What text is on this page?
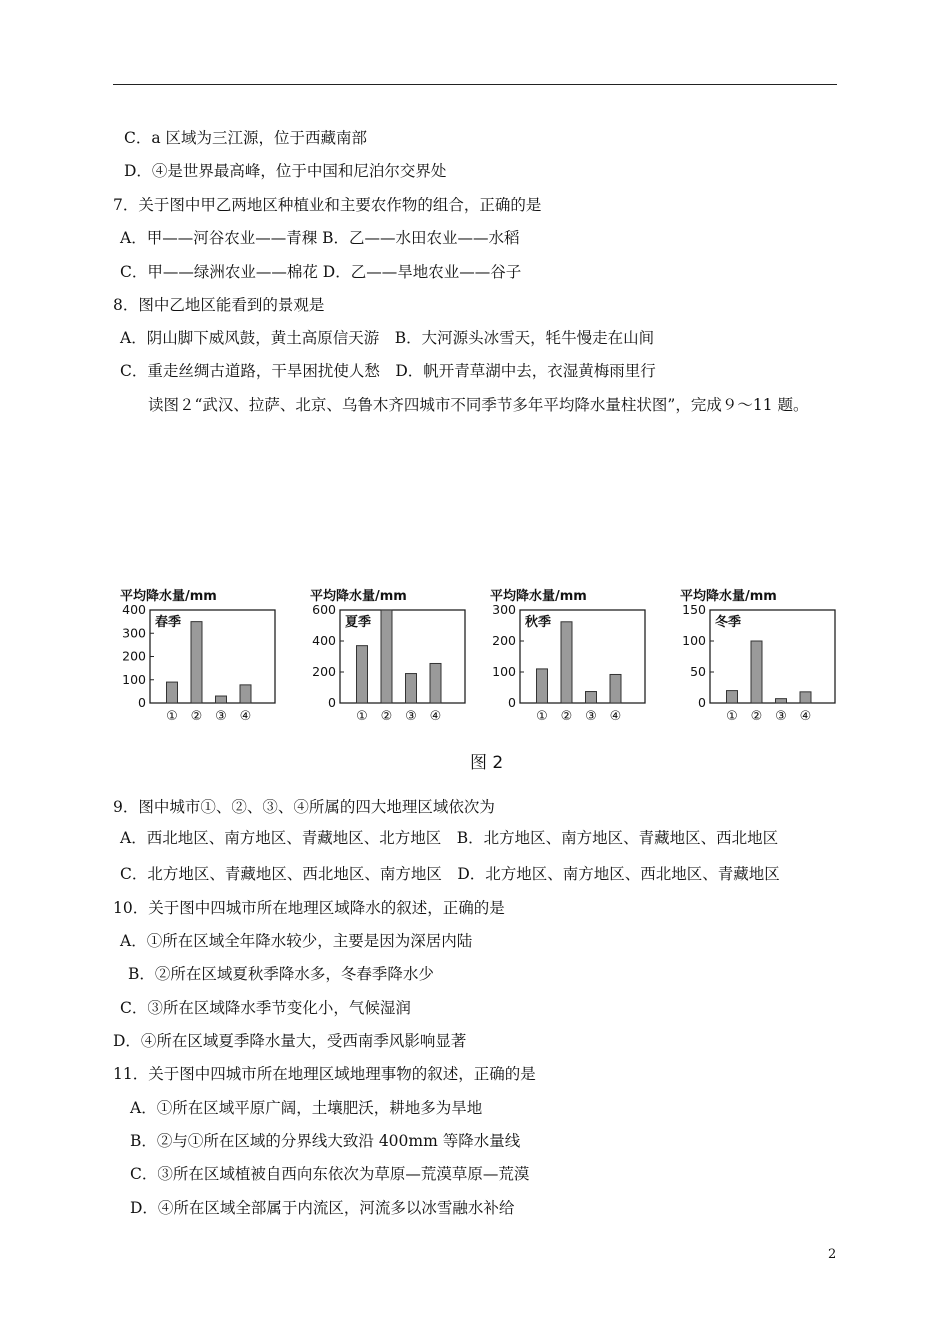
C．a 区域为三江源，位于西藏南部
D．④是世界最高峰，位于中国和尼泊尔交界处
7．关于图中甲乙两地区种植业和主要农作物的组合，正确的是
A．甲——河谷农业——青稞 B．乙——水田农业——水稻
C．甲——绿洲农业——棉花 D．乙——旱地农业——谷子
8．图中乙地区能看到的景观是
A．阴山脚下威风鼓，黄土高原信天游　B．大河源头冰雪天，牦牛慢走在山间
C．重走丝绸古道路，干旱困扰使人愁　D．帆开青草湖中去，衣湿黄梅雨里行
读图２“武汉、拉萨、北京、乌鲁木齐四城市不同季节多年平均降水量柱状图”，完成９～11 题。
平均降水量/mm
0
100
200
300
400
春季
① ② ③ ④
平均降水量/mm
0
200
400
600
夏季
① ② ③ ④
平均降水量/mm
0
100
200
300
秋季
① ② ③ ④
平均降水量/mm
0
50
100
150
冬季
① ② ③ ④
图 2
9．图中城市①、②、③、④所属的四大地理区域依次为
A．西北地区、南方地区、青藏地区、北方地区　B．北方地区、南方地区、青藏地区、西北地区
C．北方地区、青藏地区、西北地区、南方地区　D．北方地区、南方地区、西北地区、青藏地区
10．关于图中四城市所在地理区域降水的叙述，正确的是
A．①所在区域全年降水较少，主要是因为深居内陆
B．②所在区域夏秋季降水多，冬春季降水少
C．③所在区域降水季节变化小，气候湿润
D．④所在区域夏季降水量大，受西南季风影响显著
11．关于图中四城市所在地理区域地理事物的叙述，正确的是
A．①所在区域平原广阔，土壤肥沃，耕地多为旱地
B．②与①所在区域的分界线大致沿 400mm 等降水量线
C．③所在区域植被自西向东依次为草原—荒漠草原—荒漠
D．④所在区域全部属于内流区，河流多以冰雪融水补给
2
